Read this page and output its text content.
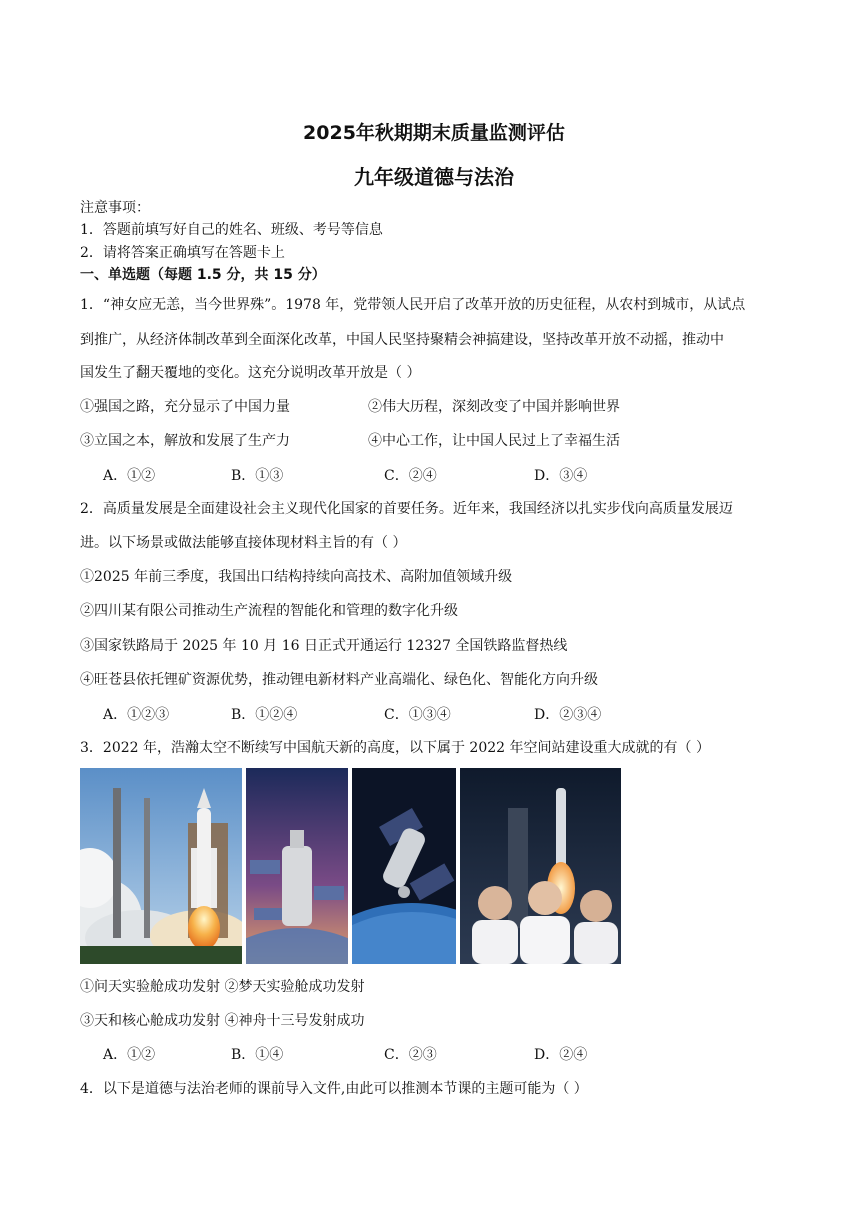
2025年秋期期末质量监测评估
九年级道德与法治
注意事项：
1．答题前填写好自己的姓名、班级、考号等信息
2．请将答案正确填写在答题卡上
一、单选题（每题 1.5 分，共 15 分）
1．“神女应无恙，当今世界殊”。1978 年，党带领人民开启了改革开放的历史征程，从农村到城市，从试点
到推广，从经济体制改革到全面深化改革，中国人民坚持聚精会神搞建设，坚持改革开放不动摇，推动中
国发生了翻天覆地的变化。这充分说明改革开放是（ ）
①强国之路，充分显示了中国力量	②伟大历程，深刻改变了中国并影响世界
③立国之本，解放和发展了生产力	④中心工作，让中国人民过上了幸福生活
A．①②	B．①③	C．②④	D．③④
2．高质量发展是全面建设社会主义现代化国家的首要任务。近年来，我国经济以扎实步伐向高质量发展迈
进。以下场景或做法能够直接体现材料主旨的有（ ）
①2025 年前三季度，我国出口结构持续向高技术、高附加值领域升级
②四川某有限公司推动生产流程的智能化和管理的数字化升级
③国家铁路局于 2025 年 10 月 16 日正式开通运行 12327 全国铁路监督热线
④旺苍县依托锂矿资源优势，推动锂电新材料产业高端化、绿色化、智能化方向升级
A．①②③	B．①②④	C．①③④	D．②③④
3．2022 年，浩瀚太空不断续写中国航天新的高度，以下属于 2022 年空间站建设重大成就的有（ ）
①问天实验舱成功发射 ②梦天实验舱成功发射
③天和核心舱成功发射 ④神舟十三号发射成功
A．①②	B．①④	C．②③	D．②④
4．以下是道德与法治老师的课前导入文件,由此可以推测本节课的主题可能为（ ）
